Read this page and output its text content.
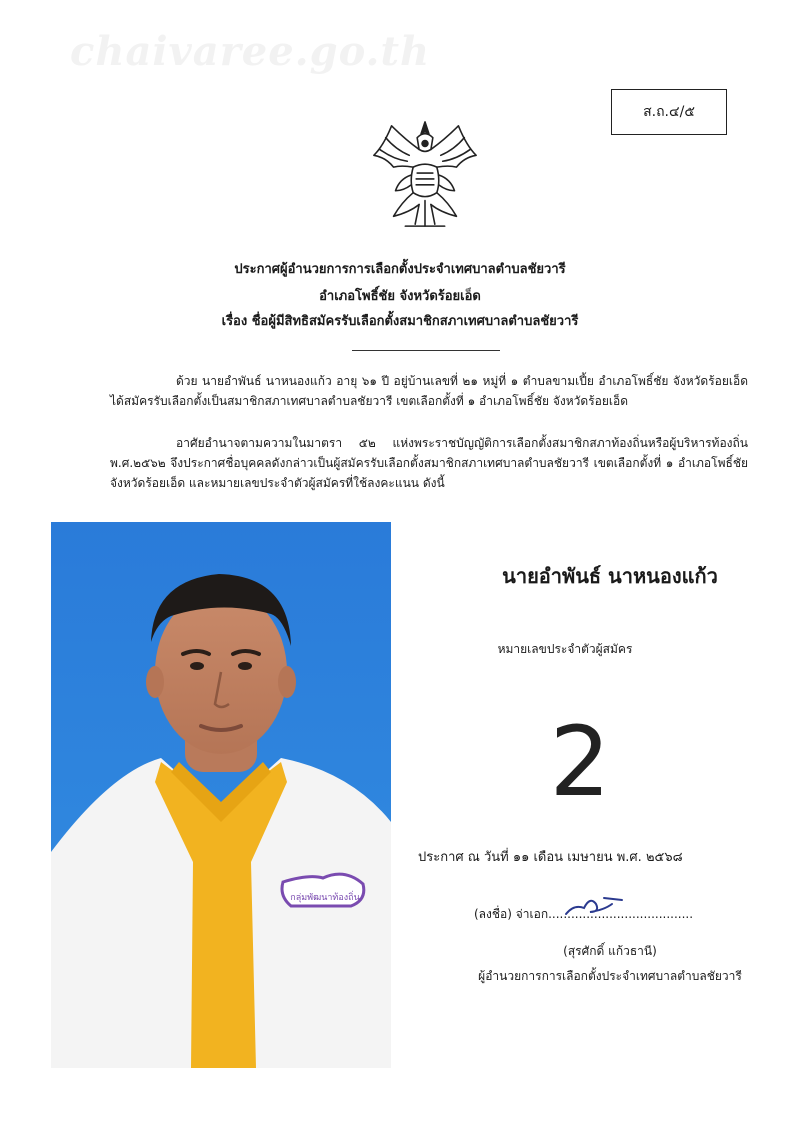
chaivaree.go.th
ส.ถ.๔/๕
ประกาศผู้อำนวยการการเลือกตั้งประจำเทศบาลตำบลชัยวารี
อำเภอโพธิ์ชัย จังหวัดร้อยเอ็ด
เรื่อง ชื่อผู้มีสิทธิสมัครรับเลือกตั้งสมาชิกสภาเทศบาลตำบลชัยวารี
ด้วย นายอำพันธ์ นาหนองแก้ว อายุ ๖๑ ปี อยู่บ้านเลขที่ ๒๑ หมู่ที่ ๑ ตำบลขามเปี้ย อำเภอโพธิ์ชัย จังหวัดร้อยเอ็ด ได้สมัครรับเลือกตั้งเป็นสมาชิกสภาเทศบาลตำบลชัยวารี เขตเลือกตั้งที่ ๑ อำเภอโพธิ์ชัย จังหวัดร้อยเอ็ด
อาศัยอำนาจตามความในมาตรา ๕๒ แห่งพระราชบัญญัติการเลือกตั้งสมาชิกสภาท้องถิ่นหรือผู้บริหารท้องถิ่น พ.ศ.๒๕๖๒ จึงประกาศชื่อบุคคลดังกล่าวเป็นผู้สมัครรับเลือกตั้งสมาชิกสภาเทศบาลตำบลชัยวารี เขตเลือกตั้งที่ ๑ อำเภอโพธิ์ชัย จังหวัดร้อยเอ็ด และหมายเลขประจำตัวผู้สมัครที่ใช้ลงคะแนน ดังนี้
กลุ่มพัฒนาท้องถิ่น
นายอำพันธ์ นาหนองแก้ว
หมายเลขประจำตัวผู้สมัคร
2
ประกาศ ณ วันที่ ๑๑ เดือน เมษายน พ.ศ. ๒๕๖๘
(ลงชื่อ) จ่าเอก......................................
(สุรศักดิ์ แก้วธานี)
ผู้อำนวยการการเลือกตั้งประจำเทศบาลตำบลชัยวารี
